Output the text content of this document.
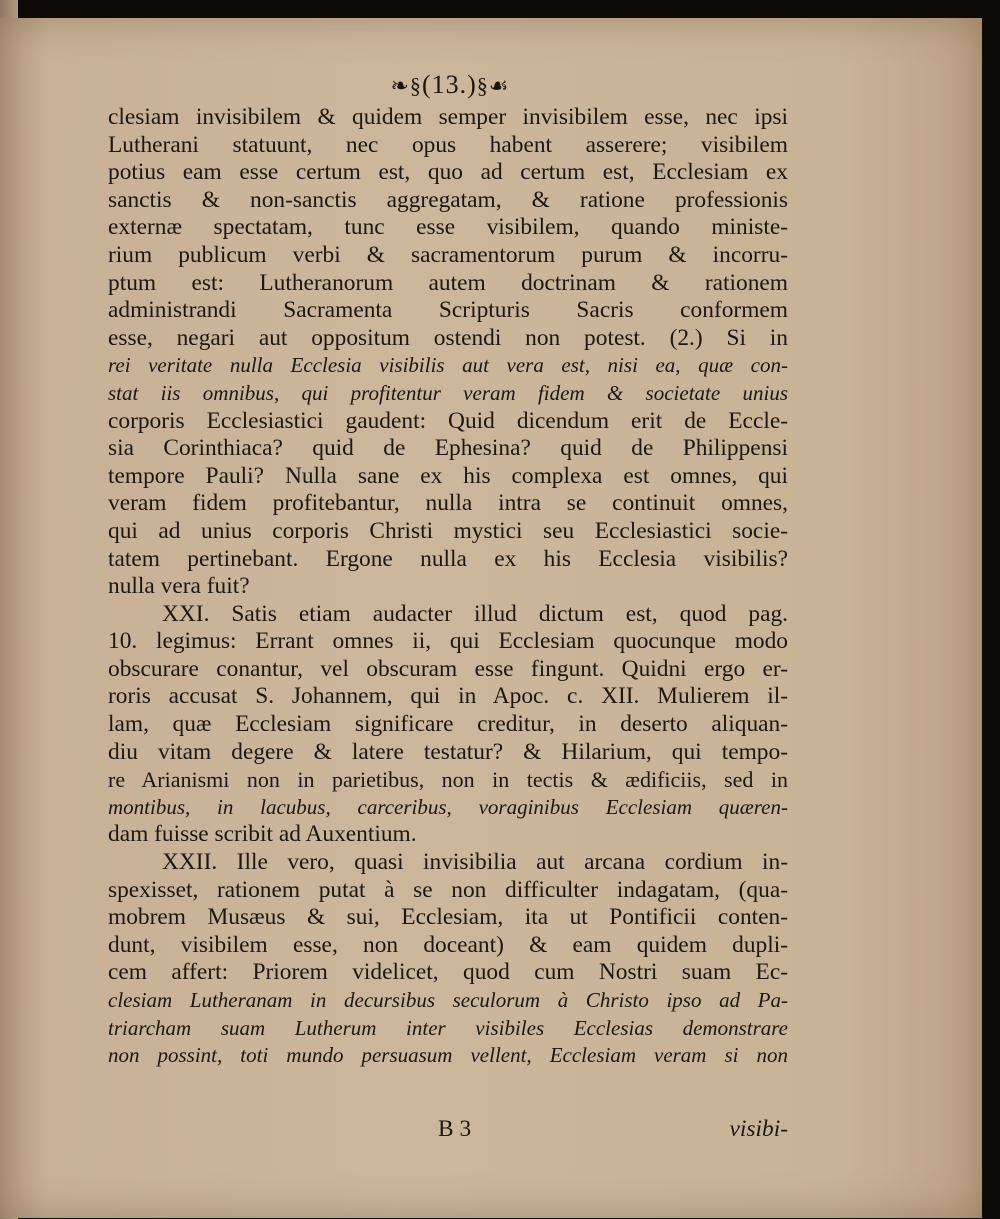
❧§(13.)§☙
clesiam invisibilem & quidem semper invisibilem esse, nec ipsi
Lutherani statuunt, nec opus habent asserere; visibilem
potius eam esse certum est, quo ad certum est, Ecclesiam ex
sanctis & non-sanctis aggregatam, & ratione professionis
externæ spectatam, tunc esse visibilem, quando ministe-
rium publicum verbi & sacramentorum purum & incorru-
ptum est: Lutheranorum autem doctrinam & rationem
administrandi Sacramenta Scripturis Sacris conformem
esse, negari aut oppositum ostendi non potest. (2.) Si in
rei veritate nulla Ecclesia visibilis aut vera est, nisi ea, quæ con-
stat iis omnibus, qui profitentur veram fidem & societate unius
corporis Ecclesiastici gaudent: Quid dicendum erit de Eccle-
sia Corinthiaca? quid de Ephesina? quid de Philippensi
tempore Pauli? Nulla sane ex his complexa est omnes, qui
veram fidem profitebantur, nulla intra se continuit omnes,
qui ad unius corporis Christi mystici seu Ecclesiastici socie-
tatem pertinebant. Ergone nulla ex his Ecclesia visibilis?
nulla vera fuit?
XXI. Satis etiam audacter illud dictum est, quod pag.
10. legimus: Errant omnes ii, qui Ecclesiam quocunque modo
obscurare conantur, vel obscuram esse fingunt. Quidni ergo er-
roris accusat S. Johannem, qui in Apoc. c. XII. Mulierem il-
lam, quæ Ecclesiam significare creditur, in deserto aliquan-
diu vitam degere & latere testatur? & Hilarium, qui tempo-
re Arianismi non in parietibus, non in tectis & ædificiis, sed in
montibus, in lacubus, carceribus, voraginibus Ecclesiam quæren-
dam fuisse scribit ad Auxentium.
XXII. Ille vero, quasi invisibilia aut arcana cordium in-
spexisset, rationem putat à se non difficulter indagatam, (qua-
mobrem Musæus & sui, Ecclesiam, ita ut Pontificii conten-
dunt, visibilem esse, non doceant) & eam quidem dupli-
cem affert: Priorem videlicet, quod cum Nostri suam Ec-
clesiam Lutheranam in decursibus seculorum à Christo ipso ad Pa-
triarcham suam Lutherum inter visibiles Ecclesias demonstrare
non possint, toti mundo persuasum vellent, Ecclesiam veram si non
B 3	visibi-
